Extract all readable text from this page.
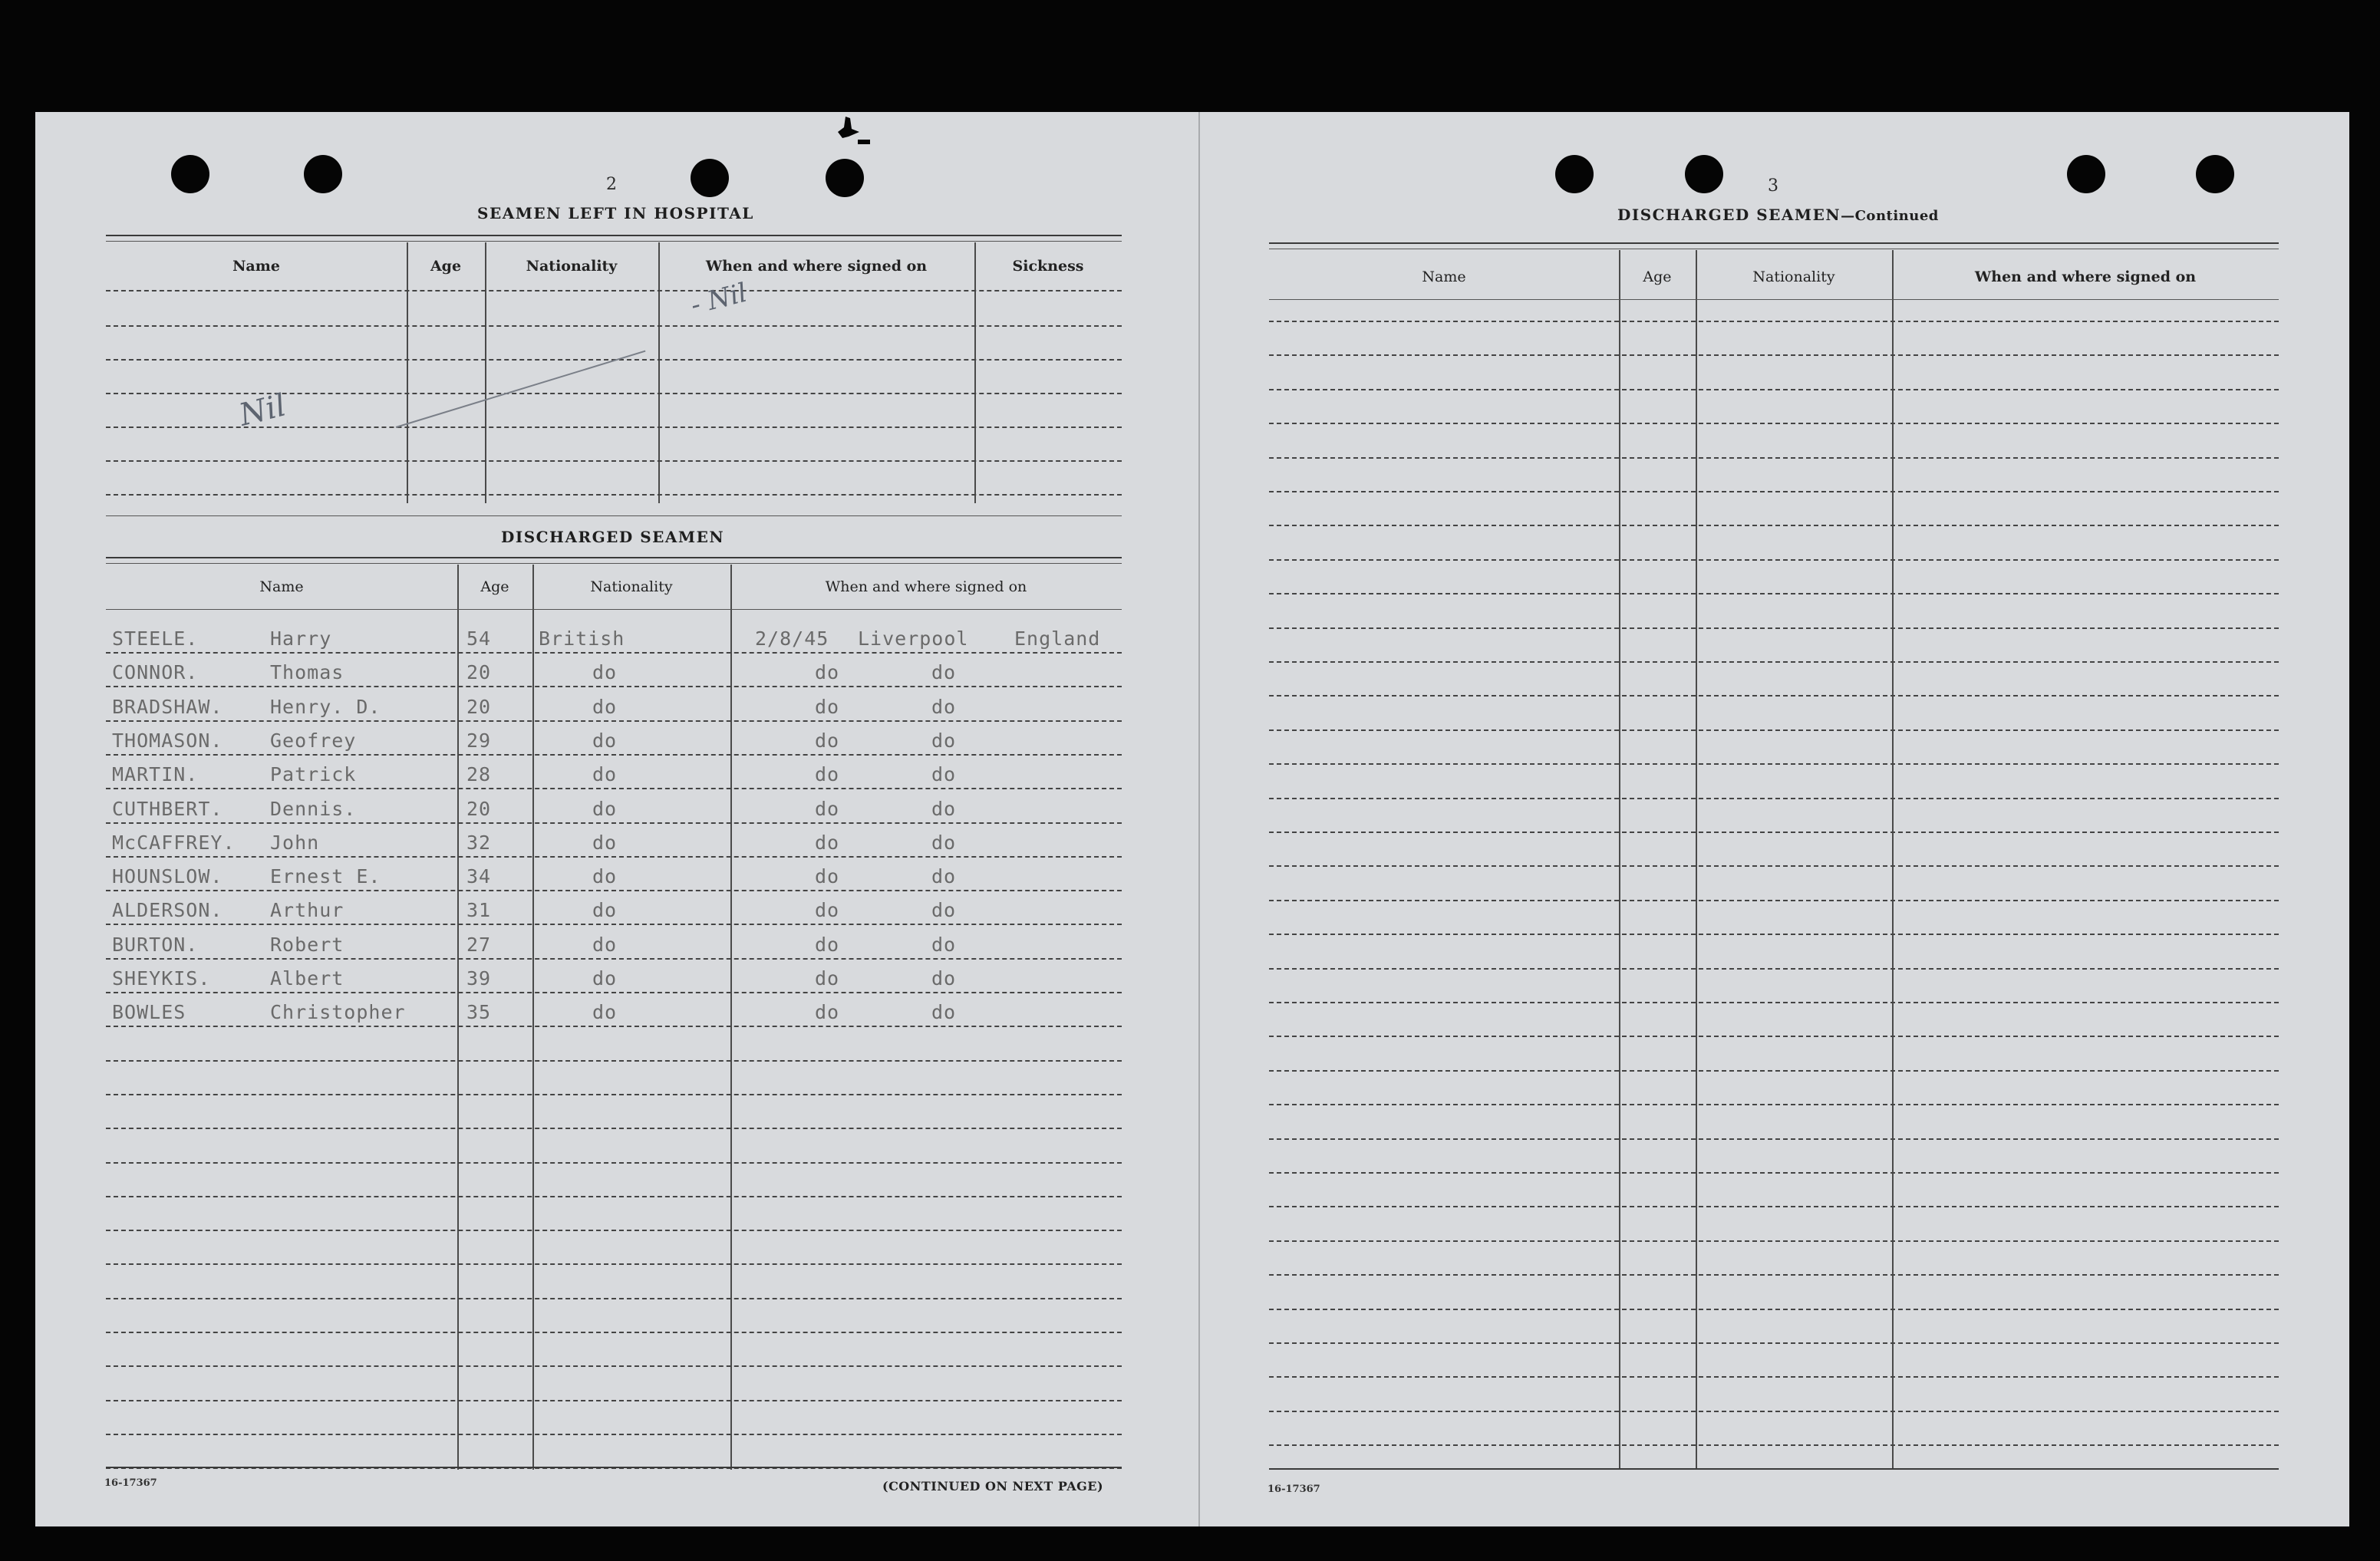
2
SEAMEN LEFT IN HOSPITAL
Name	Age	Nationality	When and where signed on	Sickness
Nil
- Nil
DISCHARGED SEAMEN
Name	Age	Nationality	When and where signed on
STEELE.	Harry	54 British	2/8/45 Liverpool England
CONNOR.	Thomas	20	do	do	do
BRADSHAW. Henry. D.	20	do	do	do
THOMASON. Geofrey	29	do	do	do
MARTIN.	Patrick	28	do	do	do
CUTHBERT. Dennis.	20	do	do	do
McCAFFREY. John	32	do	do	do
HOUNSLOW. Ernest E.	34	do	do	do
ALDERSON. Arthur	31	do	do	do
BURTON.	Robert	27	do	do	do
SHEYKIS.	Albert	39	do	do	do
BOWLES	Christopher	35	do	do	do
16-17367	(CONTINUED ON NEXT PAGE)
3
DISCHARGED SEAMEN—Continued
Name	Age	Nationality	When and where signed on
16-17367
